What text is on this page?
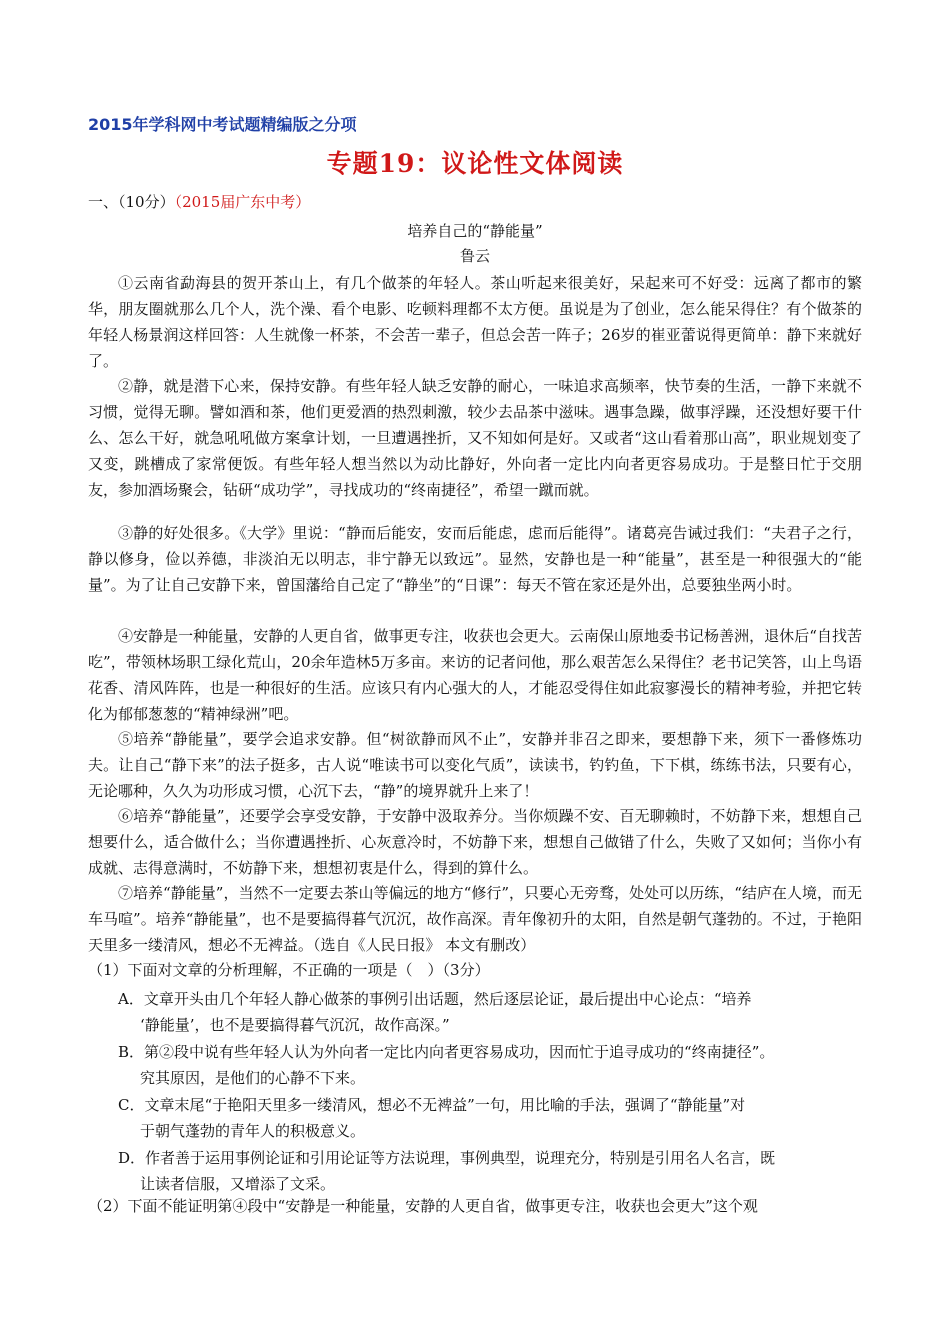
2015年学科网中考试题精编版之分项
专题19：议论性文体阅读
一、（10分）（2015届广东中考）
培养自己的“静能量”
鲁云
①云南省勐海县的贺开茶山上，有几个做茶的年轻人。茶山听起来很美好，呆起来可不好受：远离了都市的繁华，朋友圈就那么几个人，洗个澡、看个电影、吃顿料理都不太方便。虽说是为了创业，怎么能呆得住？有个做茶的年轻人杨景润这样回答：人生就像一杯茶，不会苦一辈子，但总会苦一阵子；26岁的崔亚蕾说得更简单：静下来就好了。
②静，就是潜下心来，保持安静。有些年轻人缺乏安静的耐心，一味追求高频率，快节奏的生活，一静下来就不习惯，觉得无聊。譬如酒和茶，他们更爱酒的热烈刺激，较少去品茶中滋味。遇事急躁，做事浮躁，还没想好要干什么、怎么干好，就急吼吼做方案拿计划，一旦遭遇挫折，又不知如何是好。又或者“这山看着那山高”，职业规划变了又变，跳槽成了家常便饭。有些年轻人想当然以为动比静好，外向者一定比内向者更容易成功。于是整日忙于交朋友，参加酒场聚会，钻研“成功学”，寻找成功的“终南捷径”，希望一蹴而就。
③静的好处很多。《大学》里说：“静而后能安，安而后能虑，虑而后能得”。诸葛亮告诫过我们：“夫君子之行，静以修身，俭以养德，非淡泊无以明志，非宁静无以致远”。显然，安静也是一种“能量”，甚至是一种很强大的“能量”。为了让自己安静下来，曾国藩给自己定了“静坐”的“日课”：每天不管在家还是外出，总要独坐两小时。
④安静是一种能量，安静的人更自省，做事更专注，收获也会更大。云南保山原地委书记杨善洲，退休后“自找苦吃”，带领林场职工绿化荒山，20余年造林5万多亩。来访的记者问他，那么艰苦怎么呆得住？老书记笑答，山上鸟语花香、清风阵阵，也是一种很好的生活。应该只有内心强大的人，才能忍受得住如此寂寥漫长的精神考验，并把它转化为郁郁葱葱的“精神绿洲”吧。
⑤培养“静能量”，要学会追求安静。但“树欲静而风不止”，安静并非召之即来，要想静下来，须下一番修炼功夫。让自己“静下来”的法子挺多，古人说“唯读书可以变化气质”，读读书，钓钓鱼，下下棋，练练书法，只要有心，无论哪种，久久为功形成习惯，心沉下去，“静”的境界就升上来了！
⑥培养“静能量”，还要学会享受安静，于安静中汲取养分。当你烦躁不安、百无聊赖时，不妨静下来，想想自己想要什么，适合做什么；当你遭遇挫折、心灰意冷时，不妨静下来，想想自己做错了什么，失败了又如何；当你小有成就、志得意满时，不妨静下来，想想初衷是什么，得到的算什么。
⑦培养“静能量”，当然不一定要去茶山等偏远的地方“修行”，只要心无旁骛，处处可以历练，“结庐在人境，而无车马喧”。培养“静能量”，也不是要搞得暮气沉沉，故作高深。青年像初升的太阳，自然是朝气蓬勃的。不过，于艳阳天里多一缕清风，想必不无裨益。（选自《人民日报》 本文有删改）
（1）下面对文章的分析理解，不正确的一项是（　）（3分）
A．文章开头由几个年轻人静心做茶的事例引出话题，然后逐层论证，最后提出中心论点：“培养
‘静能量’，也不是要搞得暮气沉沉，故作高深。”
B．第②段中说有些年轻人认为外向者一定比内向者更容易成功，因而忙于追寻成功的“终南捷径”。
究其原因，是他们的心静不下来。
C．文章末尾“于艳阳天里多一缕清风，想必不无裨益”一句，用比喻的手法，强调了“静能量”对
于朝气蓬勃的青年人的积极意义。
D．作者善于运用事例论证和引用论证等方法说理，事例典型，说理充分，特别是引用名人名言，既
让读者信服，又增添了文采。
（2）下面不能证明第④段中“安静是一种能量，安静的人更自省，做事更专注，收获也会更大”这个观
